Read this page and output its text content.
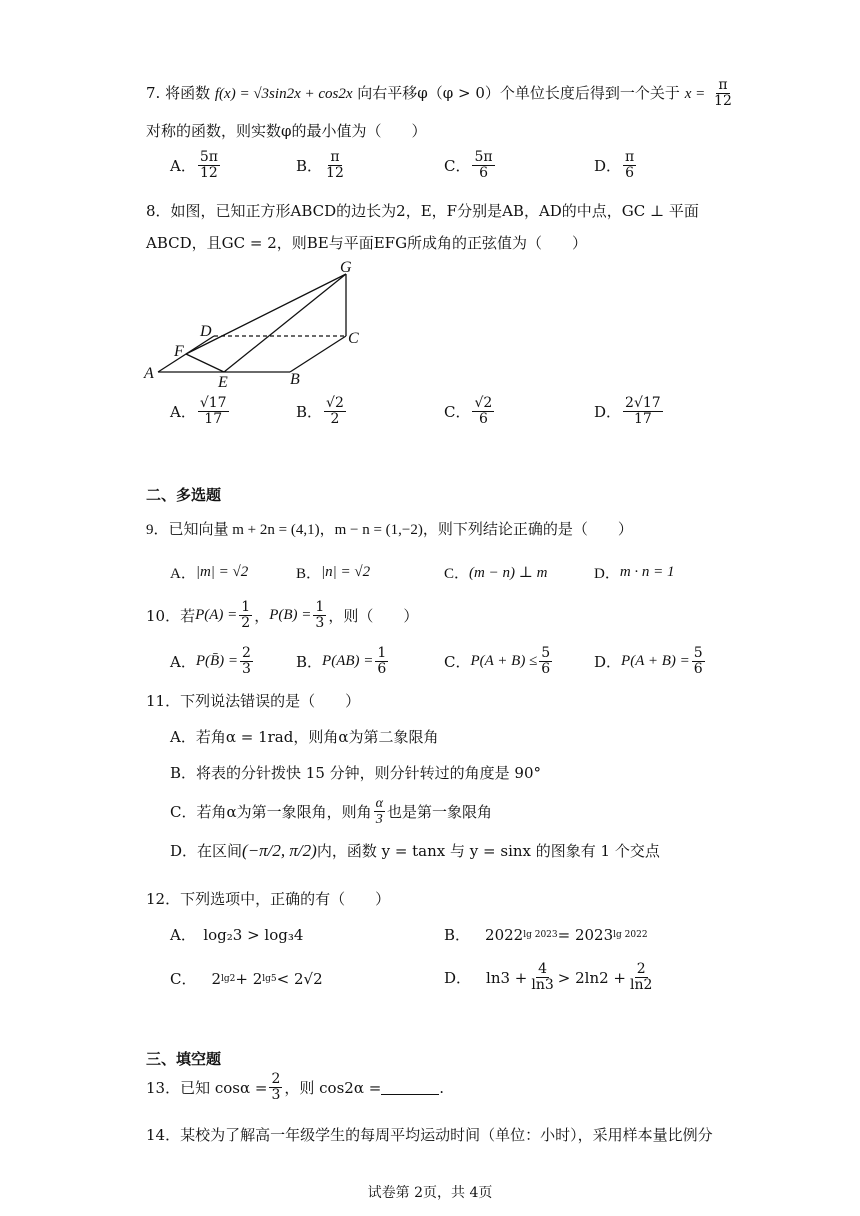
7. 将函数 f(x) = √3sin2x + cos2x 向右平移φ（φ > 0）个单位长度后得到一个关于 $x = \frac{\pi}{12}$
对称的函数，则实数φ的最小值为（　　）
A． $\frac{5\pi}{12}$	B． $\frac{\pi}{12}$	C． $\frac{5\pi}{6}$	D． $\frac{\pi}{6}$
8．如图，已知正方形ABCD的边长为2，E，F分别是AB，AD的中点，GC ⊥ 平面
ABCD，且GC = 2，则BE与平面EFG所成角的正弦值为（　　）
G
D	C
F
A
E	B
A． $\frac{√17}{17}$	B． $\frac{√2}{2}$	C． $\frac{√2}{6}$	D． $\frac{2√17}{17}$
二、多选题
9．已知向量 m + 2n = (4,1)，m − n = (1,−2)，则下列结论正确的是（　　）
A． |m| = √2	B． |n| = √2	C． (m − n) ⊥ m	D． m · n = 1
10．若 $P(A) = \frac{1}{2}$ ， $P(B) = \frac{1}{3}$ ，则（　　）
A． P(B̄) = $\frac{2}{3}$	B． $P(AB) = \frac{1}{6}$	C． $P(A + B) \le \frac{5}{6}$	D． $P(A + B) = \frac{5}{6}$
11．下列说法错误的是（　　）
A．若角α = 1rad，则角α为第二象限角
B．将表的分针拨快 15 分钟，则分针转过的角度是 90°
C．若角α为第一象限角，则角 $\frac{\alpha}{3}$ 也是第一象限角
D．在区间 (−π/2, π/2) 内，函数 y = tanx 与 y = sinx 的图象有 1 个交点
12．下列选项中，正确的有（　　）
A．　log₂3 > log₃4	B．
  2022 lg 2023 = 2023 lg 2022
C．
  2 lg2 + 2 lg5 < 2√2	D．
  $\ln 3 + \frac{4}{\ln 3} > 2\ln 2 + \frac{2}{\ln 2}$
三、填空题
13．已知 $\cos\alpha = \frac{2}{3}$ ，则 cos2α =	.
14．某校为了解高一年级学生的每周平均运动时间（单位：小时），采用样本量比例分
试卷第 2页，共 4页
